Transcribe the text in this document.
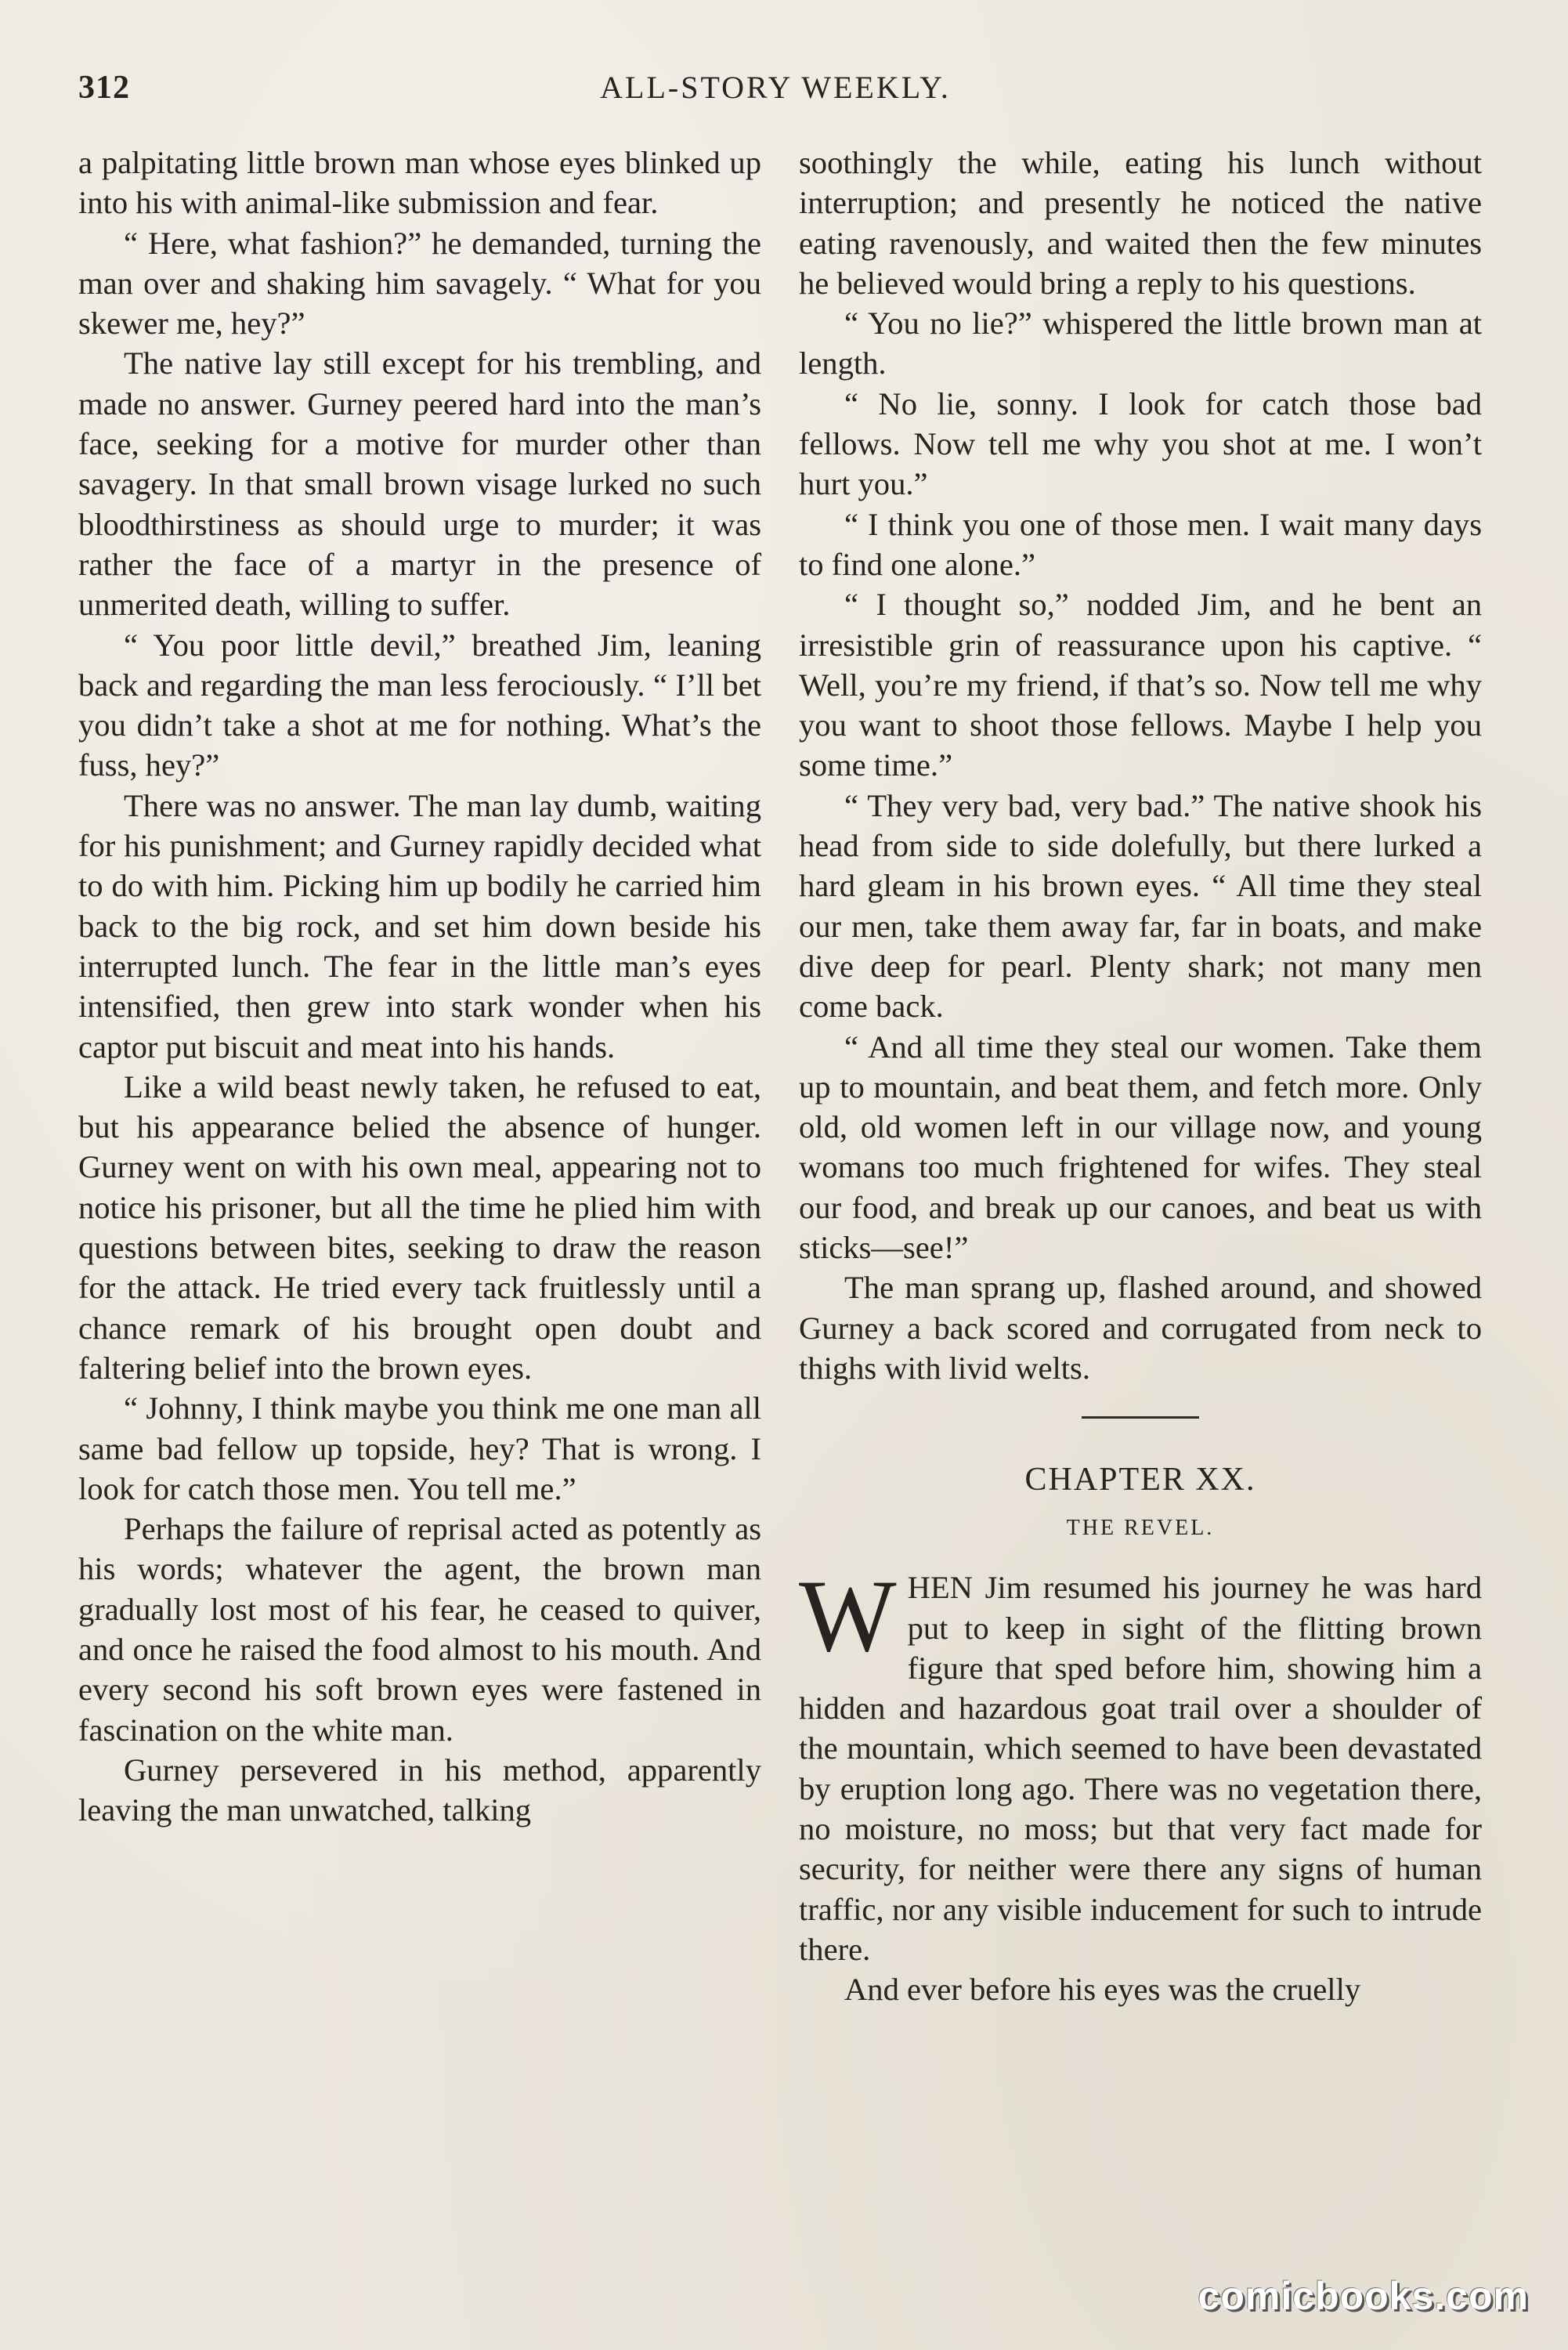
312	ALL-STORY WEEKLY.

a palpitating little brown man whose eyes blinked up into his with animal-like submission and fear.

“ Here, what fashion?” he demanded, turning the man over and shaking him savagely. “ What for you skewer me, hey?”

The native lay still except for his trembling, and made no answer. Gurney peered hard into the man’s face, seeking for a motive for murder other than savagery. In that small brown visage lurked no such bloodthirstiness as should urge to murder; it was rather the face of a martyr in the presence of unmerited death, willing to suffer.

“ You poor little devil,” breathed Jim, leaning back and regarding the man less ferociously. “ I’ll bet you didn’t take a shot at me for nothing. What’s the fuss, hey?”

There was no answer. The man lay dumb, waiting for his punishment; and Gurney rapidly decided what to do with him. Picking him up bodily he carried him back to the big rock, and set him down beside his interrupted lunch. The fear in the little man’s eyes intensified, then grew into stark wonder when his captor put biscuit and meat into his hands.

Like a wild beast newly taken, he refused to eat, but his appearance belied the absence of hunger. Gurney went on with his own meal, appearing not to notice his prisoner, but all the time he plied him with questions between bites, seeking to draw the reason for the attack. He tried every tack fruitlessly until a chance remark of his brought open doubt and faltering belief into the brown eyes.

“ Johnny, I think maybe you think me one man all same bad fellow up topside, hey? That is wrong. I look for catch those men. You tell me.”

Perhaps the failure of reprisal acted as potently as his words; whatever the agent, the brown man gradually lost most of his fear, he ceased to quiver, and once he raised the food almost to his mouth. And every second his soft brown eyes were fastened in fascination on the white man.

Gurney persevered in his method, apparently leaving the man unwatched, talking

soothingly the while, eating his lunch without interruption; and presently he noticed the native eating ravenously, and waited then the few minutes he believed would bring a reply to his questions.

“ You no lie?” whispered the little brown man at length.

“ No lie, sonny. I look for catch those bad fellows. Now tell me why you shot at me. I won’t hurt you.”

“ I think you one of those men. I wait many days to find one alone.”

“ I thought so,” nodded Jim, and he bent an irresistible grin of reassurance upon his captive. “ Well, you’re my friend, if that’s so. Now tell me why you want to shoot those fellows. Maybe I help you some time.”

“ They very bad, very bad.” The native shook his head from side to side dolefully, but there lurked a hard gleam in his brown eyes. “ All time they steal our men, take them away far, far in boats, and make dive deep for pearl. Plenty shark; not many men come back.

“ And all time they steal our women. Take them up to mountain, and beat them, and fetch more. Only old, old women left in our village now, and young womans too much frightened for wifes. They steal our food, and break up our canoes, and beat us with sticks—see!”

The man sprang up, flashed around, and showed Gurney a back scored and corrugated from neck to thighs with livid welts.

CHAPTER XX.
THE REVEL.

WHEN Jim resumed his journey he was hard put to keep in sight of the flitting brown figure that sped before him, showing him a hidden and hazardous goat trail over a shoulder of the mountain, which seemed to have been devastated by eruption long ago. There was no vegetation there, no moisture, no moss; but that very fact made for security, for neither were there any signs of human traffic, nor any visible inducement for such to intrude there.

And ever before his eyes was the cruelly

comicbooks.com
